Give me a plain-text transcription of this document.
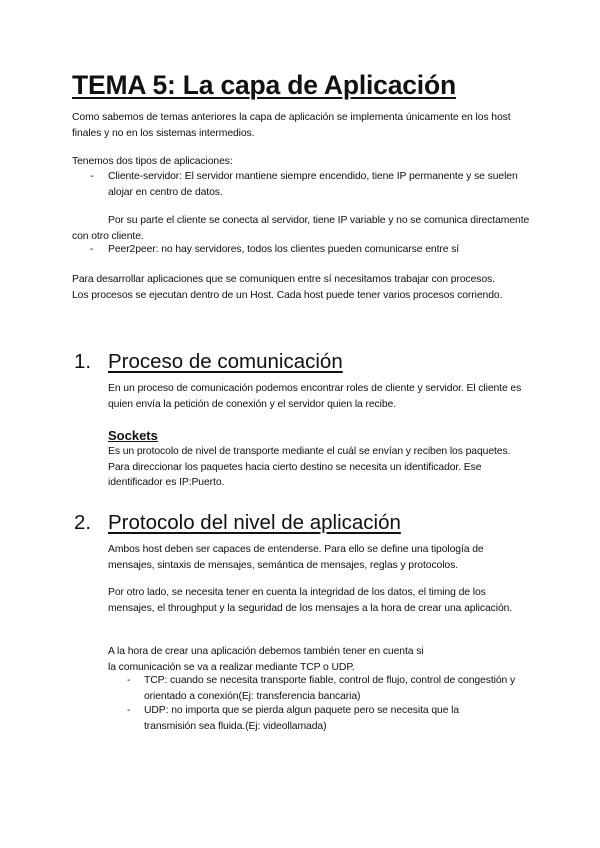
TEMA 5: La capa de Aplicación
Como sabemos de temas anteriores la capa de aplicación se implementa únicamente en los host finales y no en los sistemas intermedios.
Tenemos dos tipos de aplicaciones:
- Cliente-servidor: El servidor mantiene siempre encendido, tiene IP permanente y se suelen alojar en centro de datos.
Por su parte el cliente se conecta al servidor, tiene IP variable y no se comunica directamente con otro cliente.
- Peer2peer: no hay servidores, todos los clientes pueden comunicarse entre sí
Para desarrollar aplicaciones que se comuniquen entre sí necesitamos trabajar con procesos. Los procesos se ejecutan dentro de un Host. Cada host puede tener varios procesos corriendo.
1. Proceso de comunicación
En un proceso de comunicación podemos encontrar roles de cliente y servidor. El cliente es quien envía la petición de conexión y el servidor quien la recibe.
Sockets
Es un protocolo de nivel de transporte mediante el cuál se envían y reciben los paquetes. Para direccionar los paquetes hacia cierto destino se necesita un identificador. Ese identificador es IP:Puerto.
2. Protocolo del nivel de aplicación
Ambos host deben ser capaces de entenderse. Para ello se define una tipología de mensajes, sintaxis de mensajes, semántica de mensajes, reglas y protocolos.
Por otro lado, se necesita tener en cuenta la integridad de los datos, el timing de los mensajes, el throughput y la seguridad de los mensajes a la hora de crear una aplicación.
A la hora de crear una aplicación debemos también tener en cuenta si la comunicación se va a realizar mediante TCP o UDP.
- TCP: cuando se necesita transporte fiable, control de flujo, control de congestión y orientado a conexión(Ej: transferencia bancaria)
- UDP: no importa que se pierda algun paquete pero se necesita que la transmisión sea fluida.(Ej: videollamada)
